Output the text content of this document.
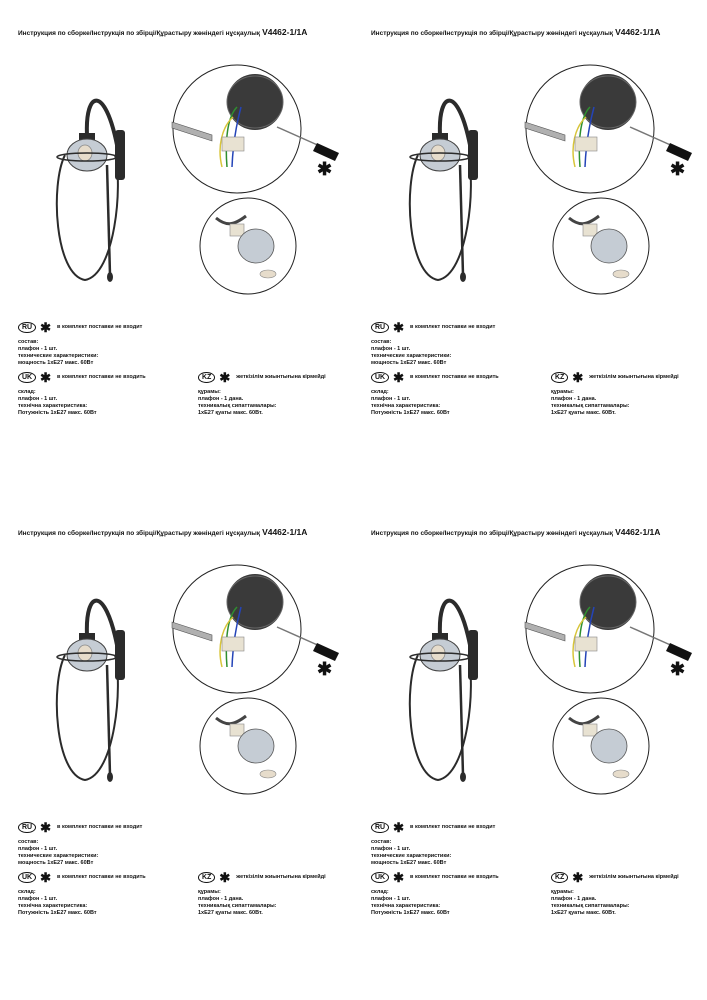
Инструкция по сборке/Інструкція по збірці/Құрастыру жөніндегі нұсқаулық V4462-1/1A
✱
RU ✱ в комплект поставки не входит
состав:
плафон - 1 шт.
технические характеристики:
мощность 1хE27 макс. 60Вт
UK ✱ в комплект поставки не входить
склад:
плафон - 1 шт.
технічна характеристика:
Потужність 1хE27 макс. 60Вт
KZ ✱ жеткізілім жиынтығына кірмейді
құрамы:
плафон - 1 дана.
техникалық сипаттамалары:
1хE27 қуаты макс. 60Вт.
Инструкция по сборке/Інструкція по збірці/Құрастыру жөніндегі нұсқаулық V4462-1/1A
✱
RU ✱ в комплект поставки не входит
состав:
плафон - 1 шт.
технические характеристики:
мощность 1хE27 макс. 60Вт
UK ✱ в комплект поставки не входить
склад:
плафон - 1 шт.
технічна характеристика:
Потужність 1хE27 макс. 60Вт
KZ ✱ жеткізілім жиынтығына кірмейді
құрамы:
плафон - 1 дана.
техникалық сипаттамалары:
1хE27 қуаты макс. 60Вт.
Инструкция по сборке/Інструкція по збірці/Құрастыру жөніндегі нұсқаулық V4462-1/1A
✱
RU ✱ в комплект поставки не входит
состав:
плафон - 1 шт.
технические характеристики:
мощность 1хE27 макс. 60Вт
UK ✱ в комплект поставки не входить
склад:
плафон - 1 шт.
технічна характеристика:
Потужність 1хE27 макс. 60Вт
KZ ✱ жеткізілім жиынтығына кірмейді
құрамы:
плафон - 1 дана.
техникалық сипаттамалары:
1хE27 қуаты макс. 60Вт.
Инструкция по сборке/Інструкція по збірці/Құрастыру жөніндегі нұсқаулық V4462-1/1A
✱
RU ✱ в комплект поставки не входит
состав:
плафон - 1 шт.
технические характеристики:
мощность 1хE27 макс. 60Вт
UK ✱ в комплект поставки не входить
склад:
плафон - 1 шт.
технічна характеристика:
Потужність 1хE27 макс. 60Вт
KZ ✱ жеткізілім жиынтығына кірмейді
құрамы:
плафон - 1 дана.
техникалық сипаттамалары:
1хE27 қуаты макс. 60Вт.
